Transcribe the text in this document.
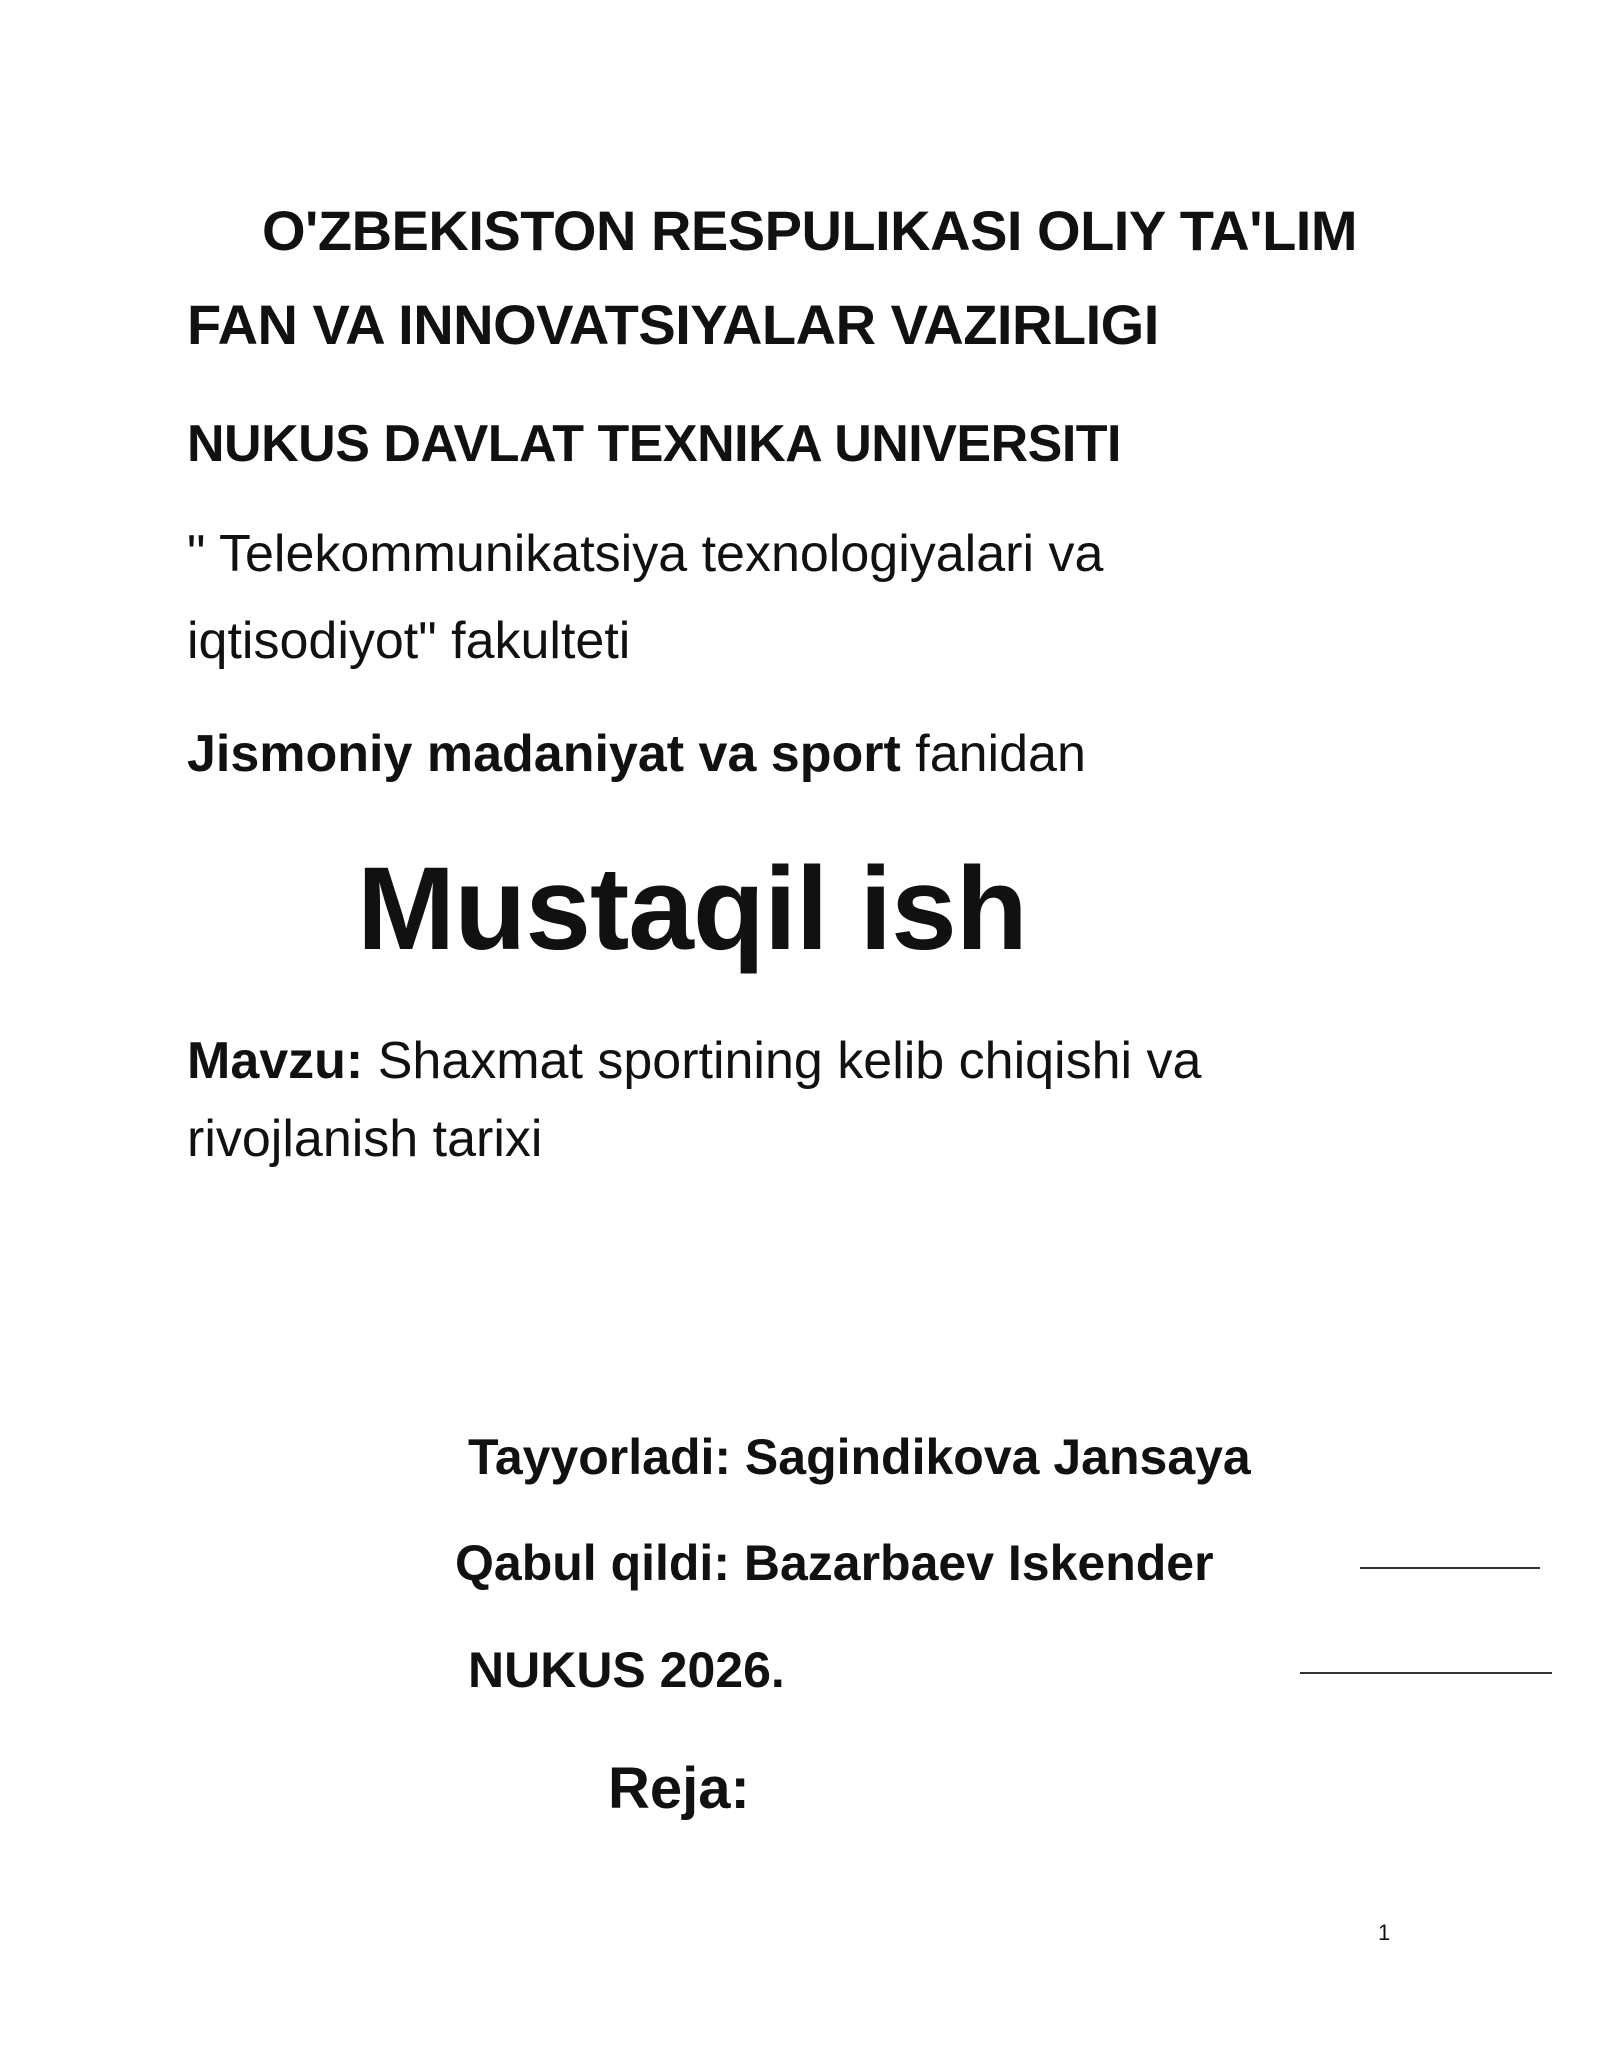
O'ZBEKISTON RESPULIKASI OLIY TA'LIM
FAN VA INNOVATSIYALAR VAZIRLIGI
NUKUS DAVLAT TEXNIKA UNIVERSITI
" Telekommunikatsiya texnologiyalari va
iqtisodiyot" fakulteti
Jismoniy madaniyat va sport fanidan
Mustaqil ish
Mavzu: Shaxmat sportining kelib chiqishi va
rivojlanish tarixi
Tayyorladi: Sagindikova Jansaya
Qabul qildi: Bazarbaev Iskender
NUKUS 2026.
Reja:
1
